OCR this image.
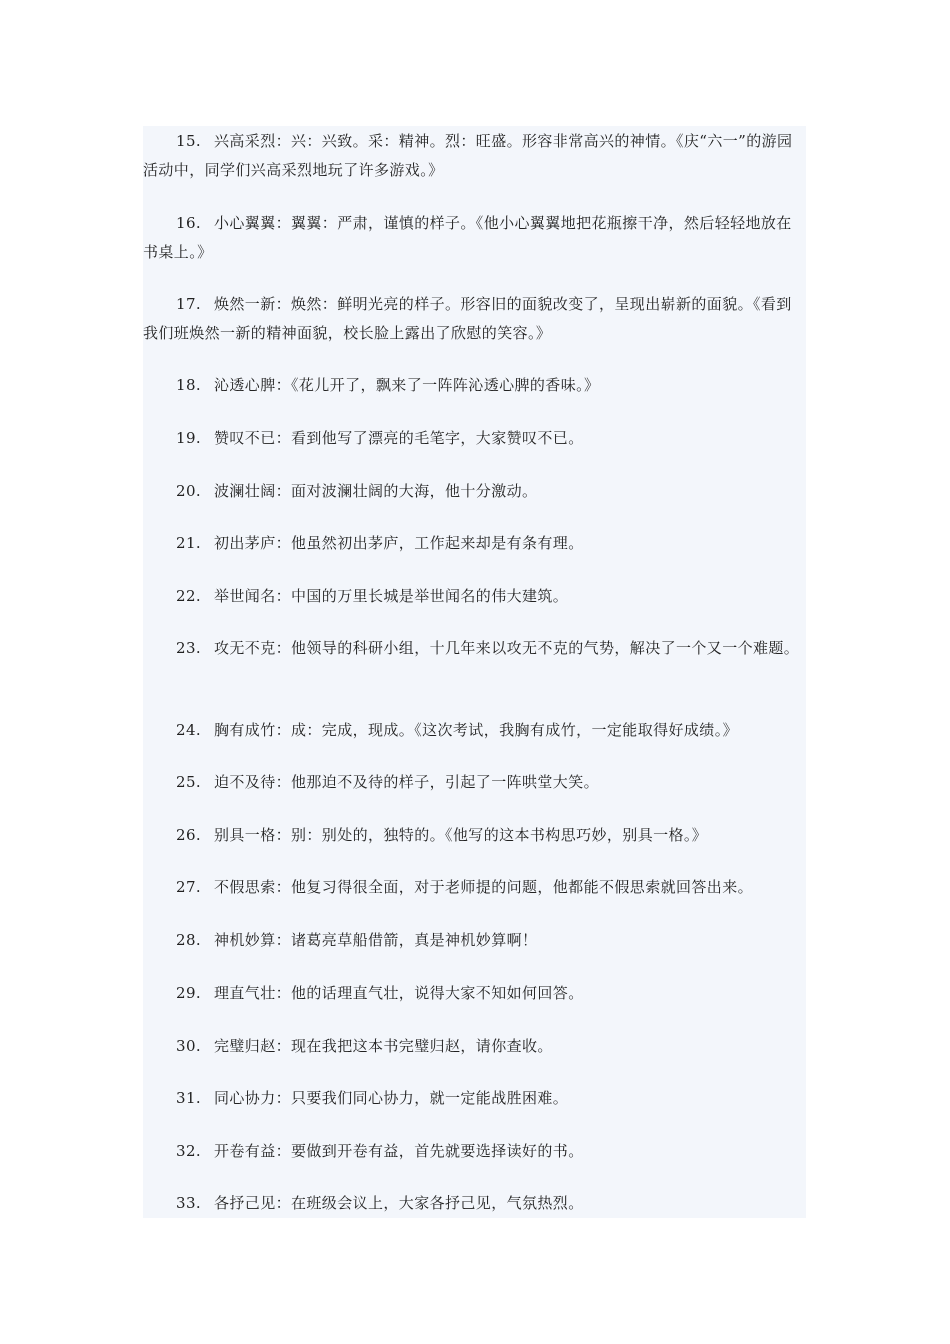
15. 兴高采烈：兴：兴致。采：精神。烈：旺盛。形容非常高兴的神情。《庆“六一”的游园活动中，同学们兴高采烈地玩了许多游戏。》

16. 小心翼翼：翼翼：严肃，谨慎的样子。《他小心翼翼地把花瓶擦干净，然后轻轻地放在书桌上。》

17. 焕然一新：焕然：鲜明光亮的样子。形容旧的面貌改变了，呈现出崭新的面貌。《看到我们班焕然一新的精神面貌，校长脸上露出了欣慰的笑容。》

18. 沁透心脾：《花儿开了，飘来了一阵阵沁透心脾的香味。》

19. 赞叹不已：看到他写了漂亮的毛笔字，大家赞叹不已。

20. 波澜壮阔：面对波澜壮阔的大海，他十分激动。

21. 初出茅庐：他虽然初出茅庐，工作起来却是有条有理。

22. 举世闻名：中国的万里长城是举世闻名的伟大建筑。

23. 攻无不克：他领导的科研小组，十几年来以攻无不克的气势，解决了一个又一个难题。

24. 胸有成竹：成：完成，现成。《这次考试，我胸有成竹，一定能取得好成绩。》

25. 迫不及待：他那迫不及待的样子，引起了一阵哄堂大笑。

26. 别具一格：别：别处的，独特的。《他写的这本书构思巧妙，别具一格。》

27. 不假思索：他复习得很全面，对于老师提的问题，他都能不假思索就回答出来。

28. 神机妙算：诸葛亮草船借箭，真是神机妙算啊！

29. 理直气壮：他的话理直气壮，说得大家不知如何回答。

30. 完璧归赵：现在我把这本书完璧归赵，请你查收。

31. 同心协力：只要我们同心协力，就一定能战胜困难。

32. 开卷有益：要做到开卷有益，首先就要选择读好的书。

33. 各抒己见：在班级会议上，大家各抒己见，气氛热烈。
